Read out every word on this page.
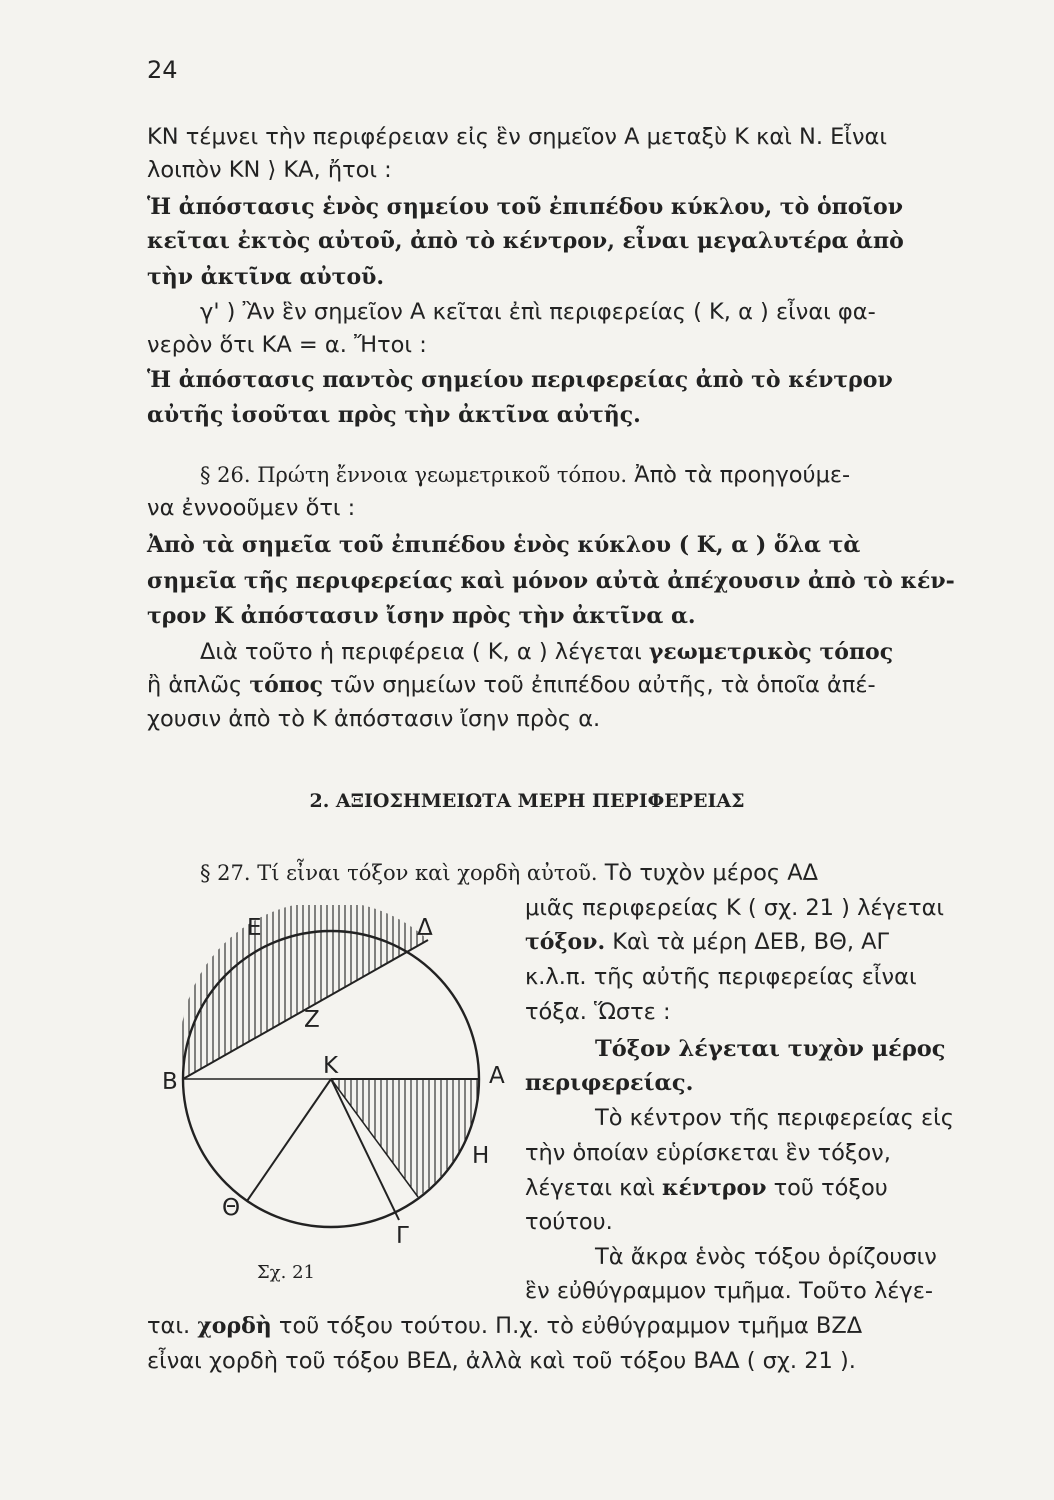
24
ΚΝ τέμνει τὴν περιφέρειαν εἰς ἓν σημεῖον Α μεταξὺ Κ καὶ Ν. Εἶναι
λοιπὸν ΚΝ ⟩ ΚΑ, ἤτοι :
Ἡ ἀπόστασις ἑνὸς σημείου τοῦ ἐπιπέδου κύκλου, τὸ ὁποῖον
κεῖται ἐκτὸς αὐτοῦ, ἀπὸ τὸ κέντρον, εἶναι μεγαλυτέρα ἀπὸ
τὴν ἀκτῖνα αὐτοῦ.
γ' ) Ἂν ἓν σημεῖον Α κεῖται ἐπὶ περιφερείας ( Κ, α ) εἶναι φα-
νερὸν ὅτι ΚΑ = α. Ἤτοι :
Ἡ ἀπόστασις παντὸς σημείου περιφερείας ἀπὸ τὸ κέντρον
αὐτῆς ἰσοῦται πρὸς τὴν ἀκτῖνα αὐτῆς.
§ 26. Πρώτη ἔννοια γεωμετρικοῦ τόπου. Ἀπὸ τὰ προηγούμε-
να ἐννοοῦμεν ὅτι :
Ἀπὸ τὰ σημεῖα τοῦ ἐπιπέδου ἑνὸς κύκλου ( Κ, α ) ὅλα τὰ
σημεῖα τῆς περιφερείας καὶ μόνον αὐτὰ ἀπέχουσιν ἀπὸ τὸ κέν-
τρον Κ ἀπόστασιν ἴσην πρὸς τὴν ἀκτῖνα α.
Διὰ τοῦτο ἡ περιφέρεια ( Κ, α ) λέγεται γεωμετρικὸς τόπος
ἢ ἁπλῶς τόπος τῶν σημείων τοῦ ἐπιπέδου αὐτῆς, τὰ ὁποῖα ἀπέ-
χουσιν ἀπὸ τὸ Κ ἀπόστασιν ἴσην πρὸς α.
2. ΑΞΙΟΣΗΜΕΙΩΤΑ ΜΕΡΗ ΠΕΡΙΦΕΡΕΙΑΣ
§ 27. Τί εἶναι τόξον καὶ χορδὴ αὐτοῦ. Τὸ τυχὸν μέρος ΑΔ
μιᾶς περιφερείας Κ ( σχ. 21 ) λέγεται
τόξον. Καὶ τὰ μέρη ΔΕΒ, ΒΘ, ΑΓ
κ.λ.π. τῆς αὐτῆς περιφερείας εἶναι
τόξα. Ὥστε :
Τόξον λέγεται τυχὸν μέρος
περιφερείας.
Τὸ κέντρον τῆς περιφερείας εἰς
τὴν ὁποίαν εὑρίσκεται ἓν τόξον,
λέγεται καὶ κέντρον τοῦ τόξου
τούτου.
Τὰ ἄκρα ἑνὸς τόξου ὁρίζουσιν
ἓν εὐθύγραμμον τμῆμα. Τοῦτο λέγε-
ται. χορδὴ τοῦ τόξου τούτου. Π.χ. τὸ εὐθύγραμμον τμῆμα ΒΖΔ
εἶναι χορδὴ τοῦ τόξου ΒΕΔ, ἀλλὰ καὶ τοῦ τόξου ΒΑΔ ( σχ. 21 ).
Ε	Δ
Ζ
Β
Κ	Α
Η
Θ
Γ
Σχ. 21
